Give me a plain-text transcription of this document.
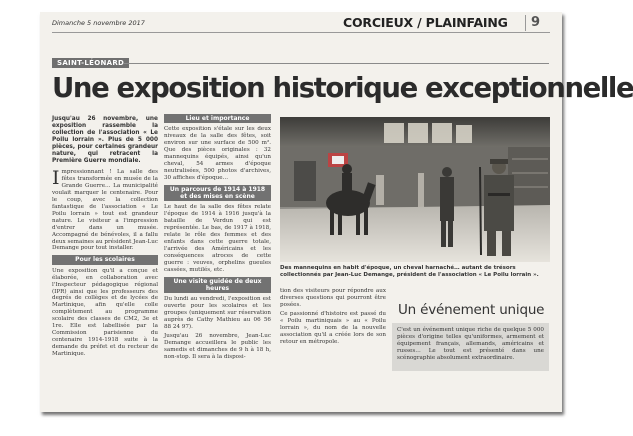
Dimanche 5 novembre 2017	CORCIEUX / PLAINFAING 9
SAINT-LÉONARD
Une exposition historique exceptionnelle

Jusqu'au 26 novembre, une exposition rassemble la collection de l'association « Le Poilu lorrain ». Plus de 5 000 pièces, pour certaines grandeur nature, qui retracent la Première Guerre mondiale.

Impressionnant ! La salle des fêtes transformée en musée de la Grande Guerre… La municipalité voulait marquer le centenaire. Pour le coup, avec la collection fantastique de l'association « Le Poilu lorrain » tout est grandeur nature. Le visiteur a l'impression d'entrer dans un musée. Accompagné de bénévoles, il a fallu deux semaines au président Jean-Luc Demange pour tout installer.

Pour les scolaires

Une exposition qu'il a conçue et élaborée, en collaboration avec l'Inspecteur pédagogique régional (IPR) ainsi que les professeurs des degrés de collèges et de lycées de Martinique, afin qu'elle colle complètement au programme scolaire des classes de CM2, 3e et 1re. Elle est labellisée par la Commission parisienne du centenaire 1914-1918 suite à la demande du préfet et du recteur de Martinique.

Lieu et importance

Cette exposition s'étale sur les deux niveaux de la salle des fêtes, soit environ sur une surface de 500 m². Que des pièces originales : 32 mannequins équipés, ainsi qu'un cheval, 54 armes d'époque neutralisées, 500 photos d'archives, 30 affiches d'époque…

Un parcours de 1914 à 1918 et des mises en scène

Le haut de la salle des fêtes relate l'époque de 1914 à 1916 jusqu'à la bataille de Verdun qui est représentée. Le bas, de 1917 à 1918, relate le rôle des femmes et des enfants dans cette guerre totale, l'arrivée des Américains et les conséquences atroces de cette guerre : veuves, orphelins gueules cassées, mutilés, etc.

Une visite guidée de deux heures

Du lundi au vendredi, l'exposition est ouverte pour les scolaires et les groupes (uniquement sur réservation auprès de Cathy Mathieu au 06 56 88 24 97).

Jusqu'au 26 novembre, Jean-Luc Demange accueillera le public les samedis et dimanches de 9 h à 18 h, non-stop. Il sera à la disposi-

Des mannequins en habit d'époque, un cheval harnaché… autant de trésors collectionnés par Jean-Luc Demange, président de l'association « Le Poilu lorrain ».

tion des visiteurs pour répondre aux diverses questions qui pourront être posées.

Ce passionné d'histoire est passé du « Poilu martiniquais » au « Poilu lorrain », du nom de la nouvelle association qu'il a créée lors de son retour en métropole.

Un événement unique
C'est un événement unique riche de quelque 5 000 pièces d'origine telles qu'uniformes, armement et équipement français, allemands, américains et russes… Le tout est présenté dans une scénographie absolument extraordinaire.
